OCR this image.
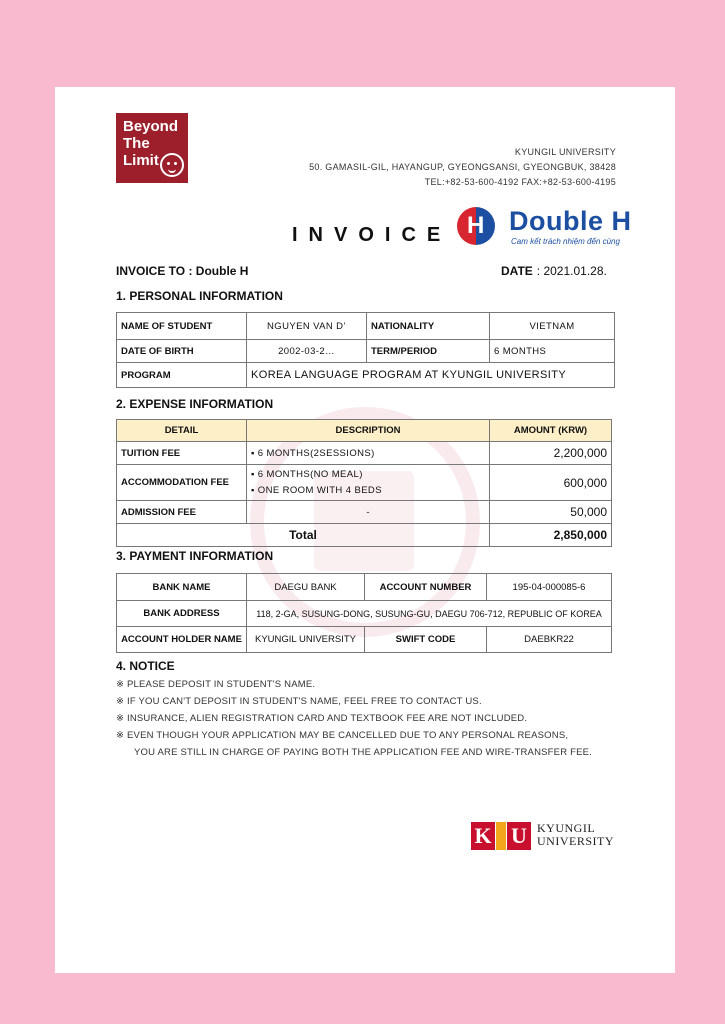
Beyond
The
Limit	KYUNGIL UNIVERSITY
50. GAMASIL-GIL, HAYANGUP, GYEONGSANSI, GYEONGBUK, 38428
TEL:+82-53-600-4192 FAX:+82-53-600-4195
INVOICE H Double H
Cam kết trách nhiệm đến cùng
INVOICE TO : Double H	DATE : 2021.01.28.
1. PERSONAL INFORMATION
NAME OF STUDENT	NGUYEN VAN D’	NATIONALITY	VIETNAM
DATE OF BIRTH	2002-03-2…	TERM/PERIOD	6 MONTHS
PROGRAM	KOREA LANGUAGE PROGRAM AT KYUNGIL UNIVERSITY		
2. EXPENSE INFORMATION
DETAIL	DESCRIPTION	AMOUNT (KRW)
TUITION FEE	▪ 6 MONTHS(2SESSIONS)	2,200,000
ACCOMMODATION FEE	▪ 6 MONTHS(NO MEAL)
▪ ONE ROOM WITH 4 BEDS	600,000
ADMISSION FEE	-	50,000
Total		2,850,000
3. PAYMENT INFORMATION
BANK NAME	DAEGU BANK	ACCOUNT NUMBER	195-04-000085-6
BANK ADDRESS	118, 2-GA, SUSUNG-DONG, SUSUNG-GU, DAEGU 706-712, REPUBLIC OF KOREA		
ACCOUNT HOLDER NAME	KYUNGIL UNIVERSITY	SWIFT CODE	DAEBKR22
4. NOTICE
※ PLEASE DEPOSIT IN STUDENT'S NAME.
※ IF YOU CAN'T DEPOSIT IN STUDENT'S NAME, FEEL FREE TO CONTACT US.
※ INSURANCE, ALIEN REGISTRATION CARD AND TEXTBOOK FEE ARE NOT INCLUDED.
※ EVEN THOUGH YOUR APPLICATION MAY BE CANCELLED DUE TO ANY PERSONAL REASONS,
YOU ARE STILL IN CHARGE OF PAYING BOTH THE APPLICATION FEE AND WIRE-TRANSFER FEE.
K U KYUNGIL
UNIVERSITY
